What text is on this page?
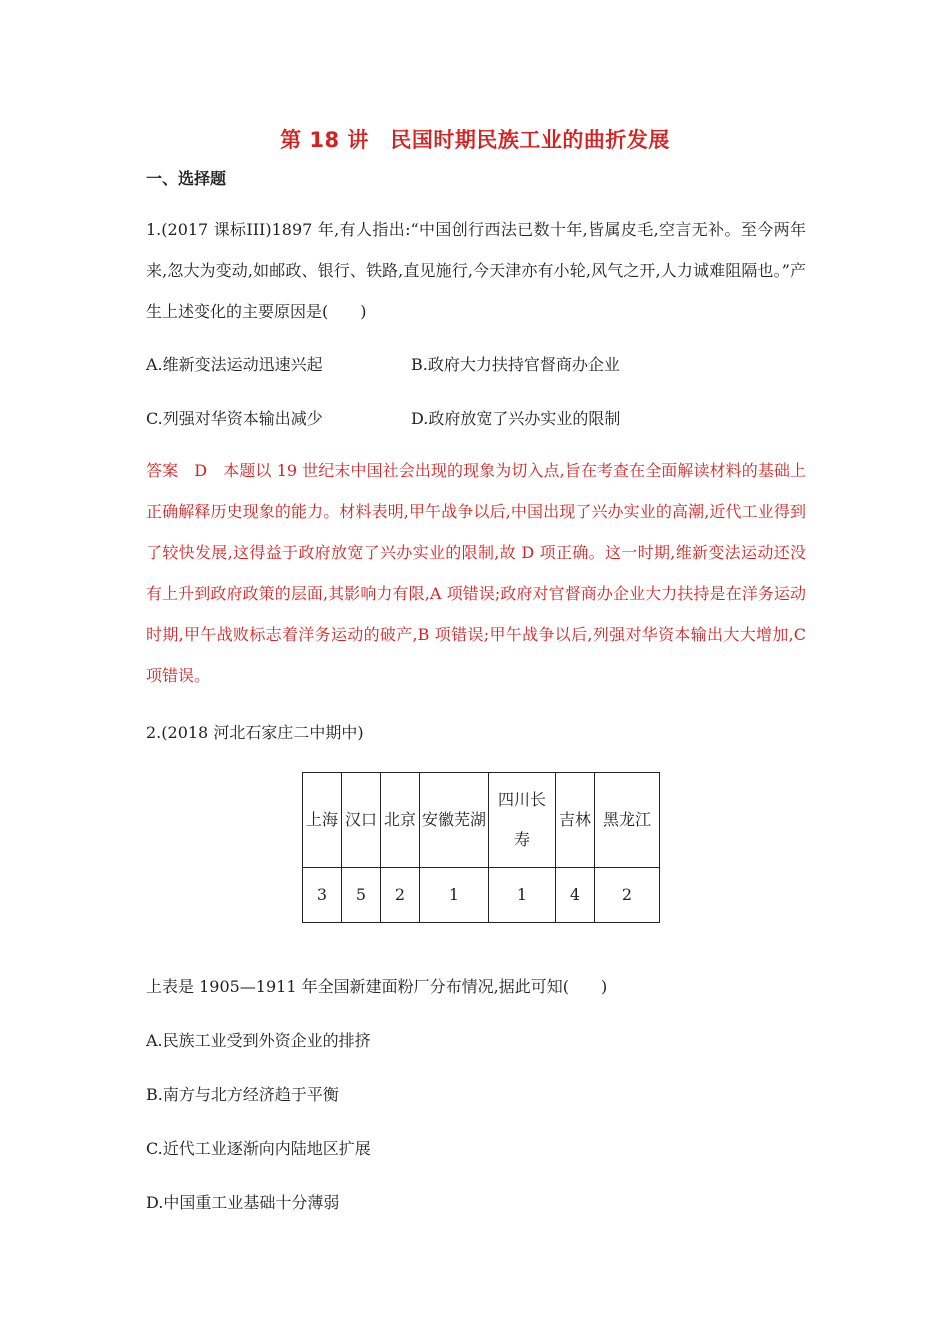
第 18 讲　民国时期民族工业的曲折发展
一、选择题
1.(2017 课标III)1897 年,有人指出:“中国创行西法已数十年,皆属皮毛,空言无补。至今两年来,忽大为变动,如邮政、银行、铁路,直见施行,今天津亦有小轮,风气之开,人力诚难阻隔也。”产生上述变化的主要原因是(　　)
A.维新变法运动迅速兴起	B.政府大力扶持官督商办企业
C.列强对华资本输出减少	D.政府放宽了兴办实业的限制
答案　D　本题以 19 世纪末中国社会出现的现象为切入点,旨在考查在全面解读材料的基础上正确解释历史现象的能力。材料表明,甲午战争以后,中国出现了兴办实业的高潮,近代工业得到了较快发展,这得益于政府放宽了兴办实业的限制,故 D 项正确。这一时期,维新变法运动还没有上升到政府政策的层面,其影响力有限,A 项错误;政府对官督商办企业大力扶持是在洋务运动时期,甲午战败标志着洋务运动的破产,B 项错误;甲午战争以后,列强对华资本输出大大增加,C 项错误。
2.(2018 河北石家庄二中期中)
上海	汉口	北京	安徽芜湖	四川长寿	吉林	黑龙江
3	5	2	1	1	4	2
上表是 1905—1911 年全国新建面粉厂分布情况,据此可知(　　)
A.民族工业受到外资企业的排挤
B.南方与北方经济趋于平衡
C.近代工业逐渐向内陆地区扩展
D.中国重工业基础十分薄弱
